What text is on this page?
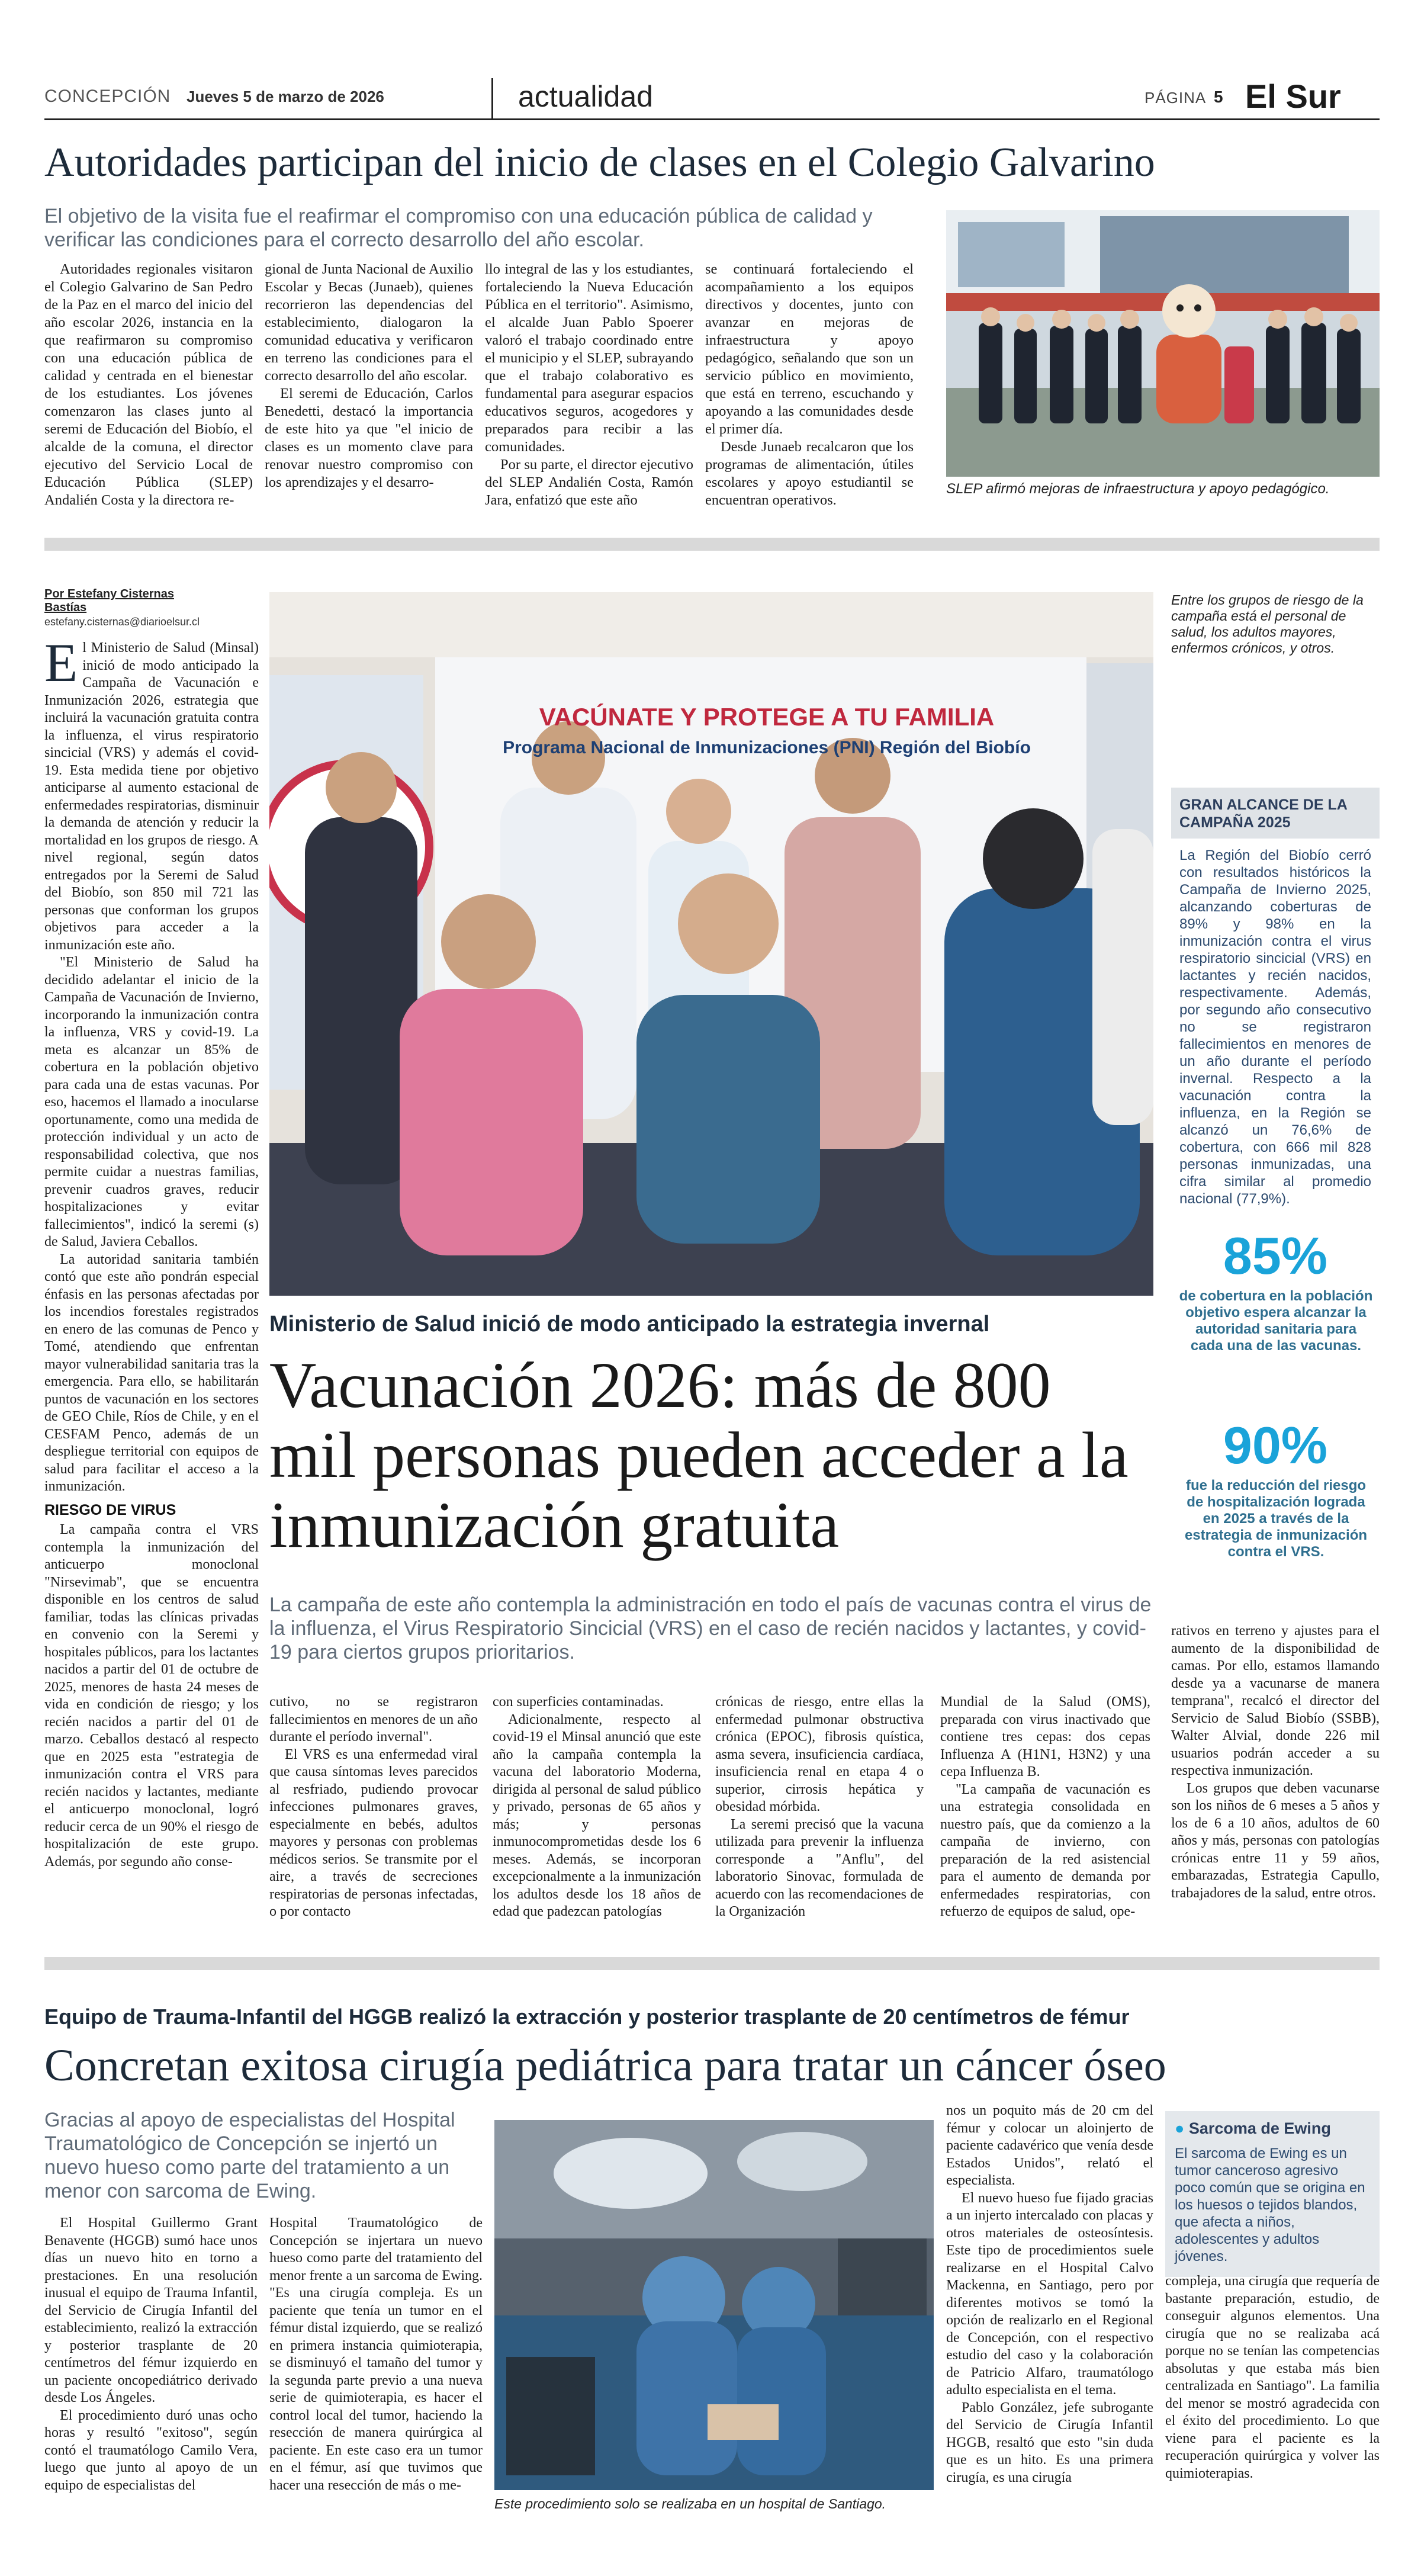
CONCEPCIÓN Jueves 5 de marzo de 2026	actualidad	PÁGINA 5 El Sur
Autoridades participan del inicio de clases en el Colegio Galvarino
El objetivo de la visita fue el reafirmar el compromiso con una educación pública de calidad y verificar las condiciones para el correcto desarrollo del año escolar.

Autoridades regionales visitaron el Colegio Galvarino de San Pedro de la Paz en el marco del inicio del año escolar 2026, instancia en la que reafirmaron su compromiso con una educación pública de calidad y centrada en el bienestar de los estudiantes. Los jóvenes comenzaron las clases junto al seremi de Educación del Biobío, el alcalde de la comuna, el director ejecutivo del Servicio Local de Educación Pública (SLEP) Andalién Costa y la directora re-

gional de Junta Nacional de Auxilio Escolar y Becas (Junaeb), quienes recorrieron las dependencias del establecimiento, dialogaron la comunidad educativa y verificaron en terreno las condiciones para el correcto desarrollo del año escolar.

El seremi de Educación, Carlos Benedetti, destacó la importancia de este hito ya que "el inicio de clases es un momento clave para renovar nuestro compromiso con los aprendizajes y el desarro-

llo integral de las y los estudiantes, fortaleciendo la Nueva Educación Pública en el territorio". Asimismo, el alcalde Juan Pablo Spoerer valoró el trabajo coordinado entre el municipio y el SLEP, subrayando que el trabajo colaborativo es fundamental para asegurar espacios educativos seguros, acogedores y preparados para recibir a las comunidades.

Por su parte, el director ejecutivo del SLEP Andalién Costa, Ramón Jara, enfatizó que este año

se continuará fortaleciendo el acompañamiento a los equipos directivos y docentes, junto con avanzar en mejoras de infraestructura y apoyo pedagógico, señalando que son un servicio público en movimiento, que está en terreno, escuchando y apoyando a las comunidades desde el primer día.

Desde Junaeb recalcaron que los programas de alimentación, útiles escolares y apoyo estudiantil se encuentran operativos.

SLEP afirmó mejoras de infraestructura y apoyo pedagógico.
Por Estefany Cisternas Bastías
estefany.cisternas@diarioelsur.cl

El Ministerio de Salud (Minsal) inició de modo anticipado la Campaña de Vacunación e Inmunización 2026, estrategia que incluirá la vacunación gratuita contra la influenza, el virus respiratorio sincicial (VRS) y además el covid-19. Esta medida tiene por objetivo anticiparse al aumento estacional de enfermedades respiratorias, disminuir la demanda de atención y reducir la mortalidad en los grupos de riesgo. A nivel regional, según datos entregados por la Seremi de Salud del Biobío, son 850 mil 721 las personas que conforman los grupos objetivos para acceder a la inmunización este año.

"El Ministerio de Salud ha decidido adelantar el inicio de la Campaña de Vacunación de Invierno, incorporando la inmunización contra la influenza, VRS y covid-19. La meta es alcanzar un 85% de cobertura en la población objetivo para cada una de estas vacunas. Por eso, hacemos el llamado a inocularse oportunamente, como una medida de protección individual y un acto de responsabilidad colectiva, que nos permite cuidar a nuestras familias, prevenir cuadros graves, reducir hospitalizaciones y evitar fallecimientos", indicó la seremi (s) de Salud, Javiera Ceballos.

La autoridad sanitaria también contó que este año pondrán especial énfasis en las personas afectadas por los incendios forestales registrados en enero de las comunas de Penco y Tomé, atendiendo que enfrentan mayor vulnerabilidad sanitaria tras la emergencia. Para ello, se habilitarán puntos de vacunación en los sectores de GEO Chile, Ríos de Chile, y en el CESFAM Penco, además de un despliegue territorial con equipos de salud para facilitar el acceso a la inmunización.

RIESGO DE VIRUS

La campaña contra el VRS contempla la inmunización del anticuerpo monoclonal "Nirsevimab", que se encuentra disponible en los centros de salud familiar, todas las clínicas privadas en convenio con la Seremi y hospitales públicos, para los lactantes nacidos a partir del 01 de octubre de 2025, menores de hasta 24 meses de vida en condición de riesgo; y los recién nacidos a partir del 01 de marzo. Ceballos destacó al respecto que en 2025 esta "estrategia de inmunización contra el VRS para recién nacidos y lactantes, mediante el anticuerpo monoclonal, logró reducir cerca de un 90% el riesgo de hospitalización de este grupo. Además, por segundo año conse-

VACÚNATE Y PROTEGE A TU FAMILIA
Programa Nacional de Inmunizaciones (PNI) Región del Biobío
Entre los grupos de riesgo de la campaña está el personal de salud, los adultos mayores, enfermos crónicos, y otros.
GRAN ALCANCE DE LA CAMPAÑA 2025
La Región del Biobío cerró con resultados históricos la Campaña de Invierno 2025, alcanzando coberturas de 89% y 98% en la inmunización contra el virus respiratorio sincicial (VRS) en lactantes y recién nacidos, respectivamente. Además, por segundo año consecutivo no se registraron fallecimientos en menores de un año durante el período invernal. Respecto a la vacunación contra la influenza, en la Región se alcanzó un 76,6% de cobertura, con 666 mil 828 personas inmunizadas, una cifra similar al promedio nacional (77,9%).
85%
de cobertura en la población objetivo espera alcanzar la autoridad sanitaria para cada una de las vacunas.
90%
fue la reducción del riesgo de hospitalización lograda en 2025 a través de la estrategia de inmunización contra el VRS.
Ministerio de Salud inició de modo anticipado la estrategia invernal
Vacunación 2026: más de 800 mil personas pueden acceder a la inmunización gratuita
La campaña de este año contempla la administración en todo el país de vacunas contra el virus de la influenza, el Virus Respiratorio Sincicial (VRS) en el caso de recién nacidos y lactantes, y covid-19 para ciertos grupos prioritarios.

cutivo, no se registraron fallecimientos en menores de un año durante el período invernal".

El VRS es una enfermedad viral que causa síntomas leves parecidos al resfriado, pudiendo provocar infecciones pulmonares graves, especialmente en bebés, adultos mayores y personas con problemas médicos serios. Se transmite por el aire, a través de secreciones respiratorias de personas infectadas, o por contacto

con superficies contaminadas.

Adicionalmente, respecto al covid-19 el Minsal anunció que este año la campaña contempla la vacuna del laboratorio Moderna, dirigida al personal de salud público y privado, personas de 65 años y más; y personas inmunocomprometidas desde los 6 meses. Además, se incorporan excepcionalmente a la inmunización los adultos desde los 18 años de edad que padezcan patologías

crónicas de riesgo, entre ellas la enfermedad pulmonar obstructiva crónica (EPOC), fibrosis quística, asma severa, insuficiencia cardíaca, insuficiencia renal en etapa 4 o superior, cirrosis hepática y obesidad mórbida.

La seremi precisó que la vacuna utilizada para prevenir la influenza corresponde a "Anflu", del laboratorio Sinovac, formulada de acuerdo con las recomendaciones de la Organización

Mundial de la Salud (OMS), preparada con virus inactivado que contiene tres cepas: dos cepas Influenza A (H1N1, H3N2) y una cepa Influenza B.

"La campaña de vacunación es una estrategia consolidada en nuestro país, que da comienzo a la campaña de invierno, con preparación de la red asistencial para el aumento de demanda por enfermedades respiratorias, con refuerzo de equipos de salud, ope-

rativos en terreno y ajustes para el aumento de la disponibilidad de camas. Por ello, estamos llamando desde ya a vacunarse de manera temprana", recalcó el director del Servicio de Salud Biobío (SSBB), Walter Alvial, donde 226 mil usuarios podrán acceder a su respectiva inmunización.

Los grupos que deben vacunarse son los niños de 6 meses a 5 años y los de 6 a 10 años, adultos de 60 años y más, personas con patologías crónicas entre 11 y 59 años, embarazadas, Estrategia Capullo, trabajadores de la salud, entre otros.

Equipo de Trauma-Infantil del HGGB realizó la extracción y posterior trasplante de 20 centímetros de fémur
Concretan exitosa cirugía pediátrica para tratar un cáncer óseo
Gracias al apoyo de especialistas del Hospital Traumatológico de Concepción se injertó un nuevo hueso como parte del tratamiento a un menor con sarcoma de Ewing.

El Hospital Guillermo Grant Benavente (HGGB) sumó hace unos días un nuevo hito en torno a prestaciones. En una resolución inusual el equipo de Trauma Infantil, del Servicio de Cirugía Infantil del establecimiento, realizó la extracción y posterior trasplante de 20 centímetros del fémur izquierdo en un paciente oncopediátrico derivado desde Los Ángeles.

El procedimiento duró unas ocho horas y resultó "exitoso", según contó el traumatólogo Camilo Vera, luego que junto al apoyo de un equipo de especialistas del

Hospital Traumatológico de Concepción se injertara un nuevo hueso como parte del tratamiento del menor frente a un sarcoma de Ewing. "Es una cirugía compleja. Es un paciente que tenía un tumor en el fémur distal izquierdo, que se realizó en primera instancia quimioterapia, se disminuyó el tamaño del tumor y la segunda parte previo a una nueva serie de quimioterapia, es hacer el control local del tumor, haciendo la resección de manera quirúrgica al paciente. En este caso era un tumor en el fémur, así que tuvimos que hacer una resección de más o me-

Este procedimiento solo se realizaba en un hospital de Santiago.

nos un poquito más de 20 cm del fémur y colocar un aloinjerto de paciente cadavérico que venía desde Estados Unidos", relató el especialista.

El nuevo hueso fue fijado gracias a un injerto intercalado con placas y otros materiales de osteosíntesis. Este tipo de procedimientos suele realizarse en el Hospital Calvo Mackenna, en Santiago, pero por diferentes motivos se tomó la opción de realizarlo en el Regional de Concepción, con el respectivo estudio del caso y la colaboración de Patricio Alfaro, traumatólogo adulto especialista en el tema.

Pablo González, jefe subrogante del Servicio de Cirugía Infantil HGGB, resaltó que esto "sin duda que es un hito. Es una primera cirugía, es una cirugía

● Sarcoma de Ewing
El sarcoma de Ewing es un tumor canceroso agresivo poco común que se origina en los huesos o tejidos blandos, que afecta a niños, adolescentes y adultos jóvenes.

compleja, una cirugía que requería de bastante preparación, estudio, de conseguir algunos elementos. Una cirugía que no se realizaba acá porque no se tenían las competencias absolutas y que estaba más bien centralizada en Santiago". La familia del menor se mostró agradecida con el éxito del procedimiento. Lo que viene para el paciente es la recuperación quirúrgica y volver las quimioterapias.
